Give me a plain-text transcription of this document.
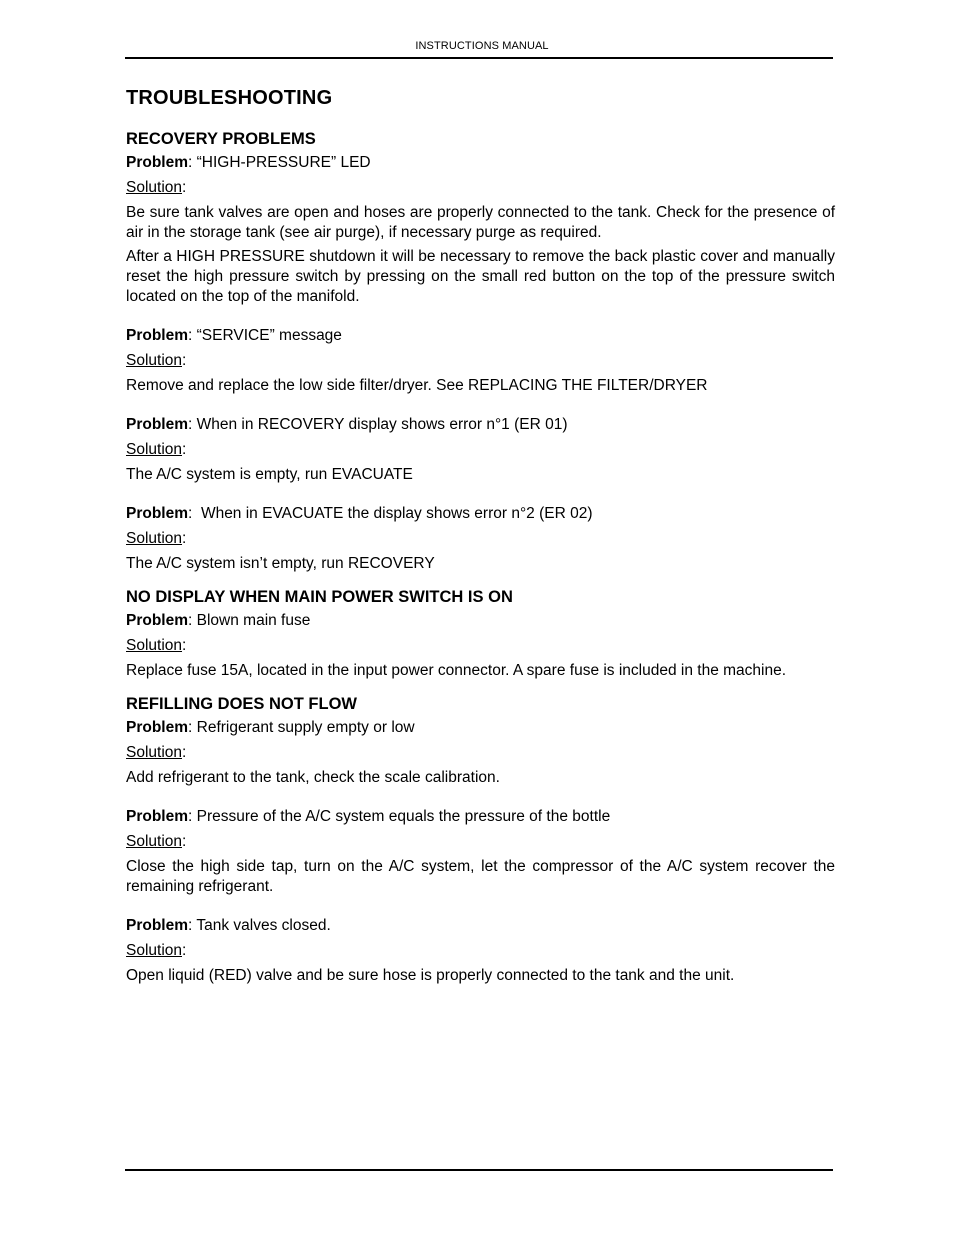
INSTRUCTIONS MANUAL
TROUBLESHOOTING
RECOVERY PROBLEMS

Problem: “HIGH-PRESSURE” LED

Solution:

Be sure tank valves are open and hoses are properly connected to the tank. Check for the presence of air in the storage tank (see air purge), if necessary purge as required.

After a HIGH PRESSURE shutdown it will be necessary to remove the back plastic cover and manually reset the high pressure switch by pressing on the small red button on the top of the pressure switch located on the top of the manifold.

Problem: “SERVICE” message

Solution:

Remove and replace the low side filter/dryer. See REPLACING THE FILTER/DRYER

Problem: When in RECOVERY display shows error n°1 (ER 01)

Solution:

The A/C system is empty, run EVACUATE

Problem:  When in EVACUATE the display shows error n°2 (ER 02)

Solution:

The A/C system isn’t empty, run RECOVERY

NO DISPLAY WHEN MAIN POWER SWITCH IS ON

Problem: Blown main fuse

Solution:

Replace fuse 15A, located in the input power connector. A spare fuse is included in the machine.

REFILLING DOES NOT FLOW

Problem: Refrigerant supply empty or low

Solution:

Add refrigerant to the tank, check the scale calibration.

Problem: Pressure of the A/C system equals the pressure of the bottle

Solution:

Close the high side tap, turn on the A/C system, let the compressor of the A/C system recover the remaining refrigerant.

Problem: Tank valves closed.

Solution:

Open liquid (RED) valve and be sure hose is properly connected to the tank and the unit.
